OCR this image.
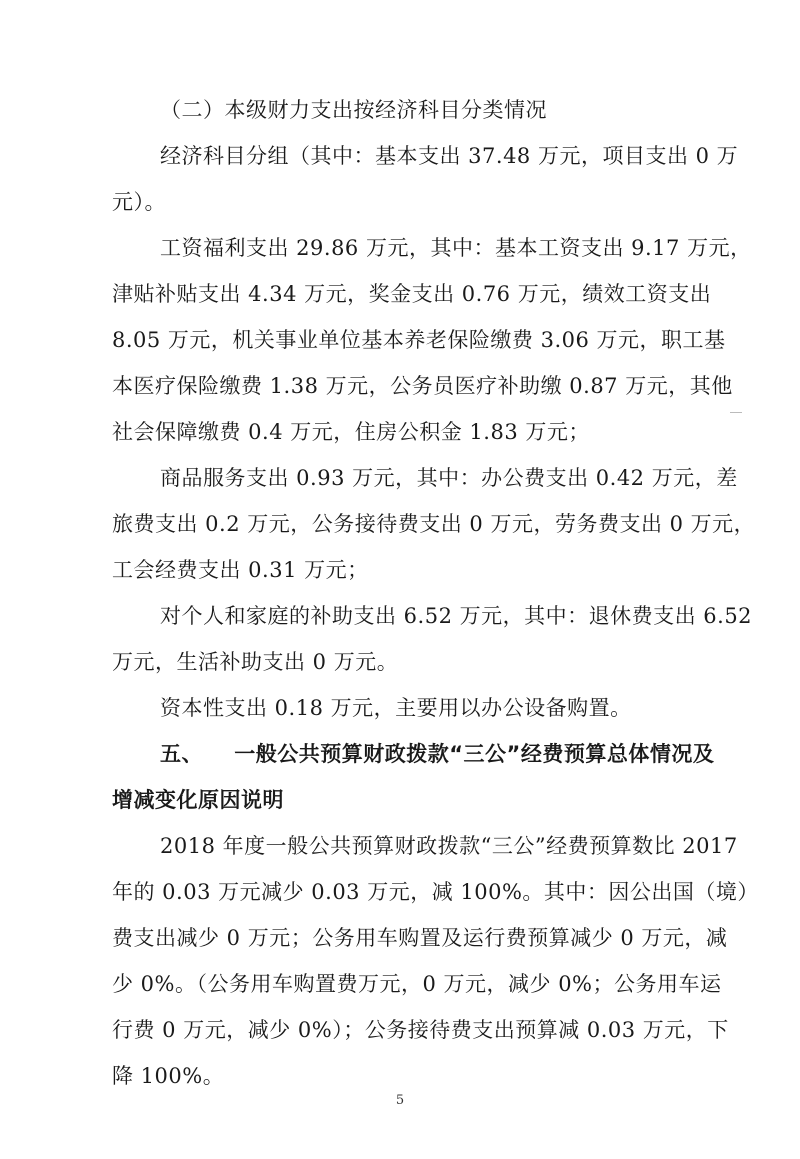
（二）本级财力支出按经济科目分类情况
经济科目分组（其中：基本支出 37.48 万元，项目支出 0 万
元）。
工资福利支出 29.86 万元，其中：基本工资支出 9.17 万元，
津贴补贴支出 4.34 万元，奖金支出 0.76 万元，绩效工资支出
8.05 万元，机关事业单位基本养老保险缴费 3.06 万元，职工基
本医疗保险缴费 1.38 万元，公务员医疗补助缴 0.87 万元，其他
社会保障缴费 0.4 万元，住房公积金 1.83 万元；
商品服务支出 0.93 万元，其中：办公费支出 0.42 万元，差
旅费支出 0.2 万元，公务接待费支出 0 万元，劳务费支出 0 万元，
工会经费支出 0.31 万元；
对个人和家庭的补助支出 6.52 万元，其中：退休费支出 6.52
万元，生活补助支出 0 万元。
资本性支出 0.18 万元，主要用以办公设备购置。
五、    一般公共预算财政拨款“三公”经费预算总体情况及
增减变化原因说明
2018 年度一般公共预算财政拨款“三公”经费预算数比 2017
年的 0.03 万元减少 0.03 万元，减 100%。其中：因公出国（境）
费支出减少 0 万元；公务用车购置及运行费预算减少 0 万元，减
少 0%。（公务用车购置费万元，0 万元，减少 0%；公务用车运
行费 0 万元，减少 0%）；公务接待费支出预算减 0.03 万元，下
降 100%。
5
